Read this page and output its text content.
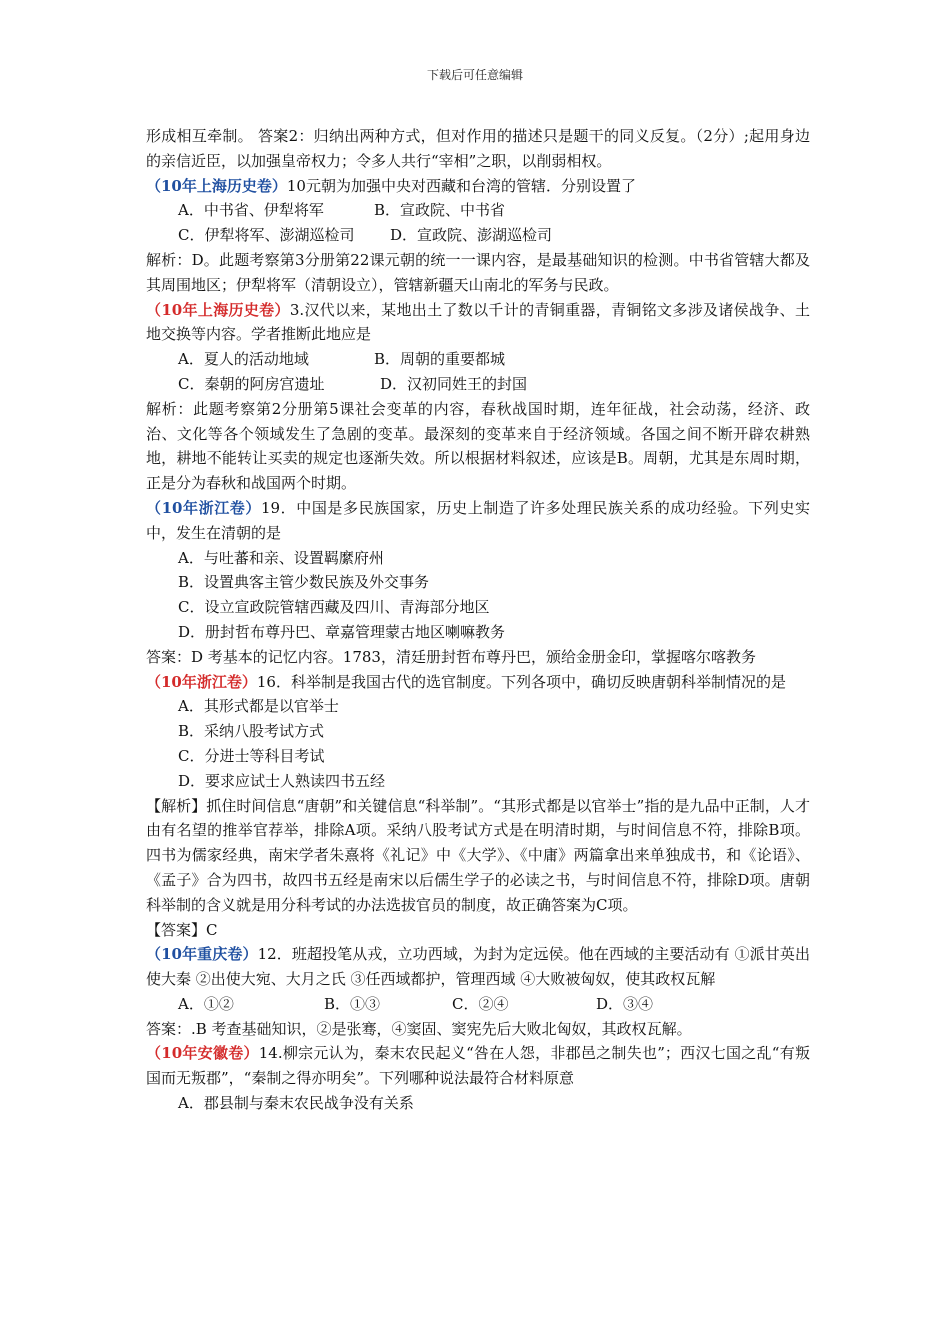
下载后可任意编辑

形成相互牵制。 答案2：归纳出两种方式，但对作用的描述只是题干的同义反复。（2分）;起用身边的亲信近臣，以加强皇帝权力；令多人共行“宰相”之职，以削弱相权。

（10年上海历史卷）10元朝为加强中央对西藏和台湾的管辖．分别设置了

A．中书省、伊犁将军	B．宣政院、中书省
C．伊犁将军、澎湖巡检司	D．宣政院、澎湖巡检司

解析：D。此题考察第3分册第22课元朝的统一一课内容，是最基础知识的检测。中书省管辖大都及其周围地区；伊犁将军（清朝设立），管辖新疆天山南北的军务与民政。

（10年上海历史卷）3.汉代以来，某地出土了数以千计的青铜重器，青铜铭文多涉及诸侯战争、土地交换等内容。学者推断此地应是

A．夏人的活动地域	B．周朝的重要都城
C．秦朝的阿房宫遗址	D．汉初同姓王的封国

解析：此题考察第2分册第5课社会变革的内容，春秋战国时期，连年征战，社会动荡，经济、政治、文化等各个领域发生了急剧的变革。最深刻的变革来自于经济领域。各国之间不断开辟农耕熟地，耕地不能转让买卖的规定也逐渐失效。所以根据材料叙述，应该是B。周朝，尤其是东周时期，正是分为春秋和战国两个时期。

（10年浙江卷）19．中国是多民族国家，历史上制造了许多处理民族关系的成功经验。下列史实中，发生在清朝的是

A．与吐蕃和亲、设置羁縻府州

B．设置典客主管少数民族及外交事务

C．设立宣政院管辖西藏及四川、青海部分地区

D．册封哲布尊丹巴、章嘉管理蒙古地区喇嘛教务

答案：D 考基本的记忆内容。1783，清廷册封哲布尊丹巴，颁给金册金印，掌握喀尔喀教务

（10年浙江卷）16．科举制是我国古代的选官制度。下列各项中，确切反映唐朝科举制情况的是

A．其形式都是以官举士

B．采纳八股考试方式

C．分进士等科目考试

D．要求应试士人熟读四书五经

【解析】抓住时间信息“唐朝”和关键信息“科举制”。“其形式都是以官举士”指的是九品中正制，人才由有名望的推举官荐举，排除A项。采纳八股考试方式是在明清时期，与时间信息不符，排除B项。四书为儒家经典，南宋学者朱熹将《礼记》中《大学》、《中庸》两篇拿出来单独成书，和《论语》、《孟子》合为四书，故四书五经是南宋以后儒生学子的必读之书，与时间信息不符，排除D项。唐朝科举制的含义就是用分科考试的办法选拔官员的制度，故正确答案为C项。

【答案】C

（10年重庆卷）12．班超投笔从戎，立功西域，为封为定远侯。他在西域的主要活动有 ①派甘英出使大秦 ②出使大宛、大月之氏 ③任西域都护，管理西域 ④大败被匈奴，使其政权瓦解

A．①②	B．①③	C．②④	D．③④

答案：.B 考查基础知识，②是张骞，④窦固、窦宪先后大败北匈奴，其政权瓦解。

（10年安徽卷）14.柳宗元认为，秦末农民起义“咎在人怨，非郡邑之制失也”；西汉七国之乱“有叛国而无叛郡”，“秦制之得亦明矣”。下列哪种说法最符合材料原意

A．郡县制与秦末农民战争没有关系
